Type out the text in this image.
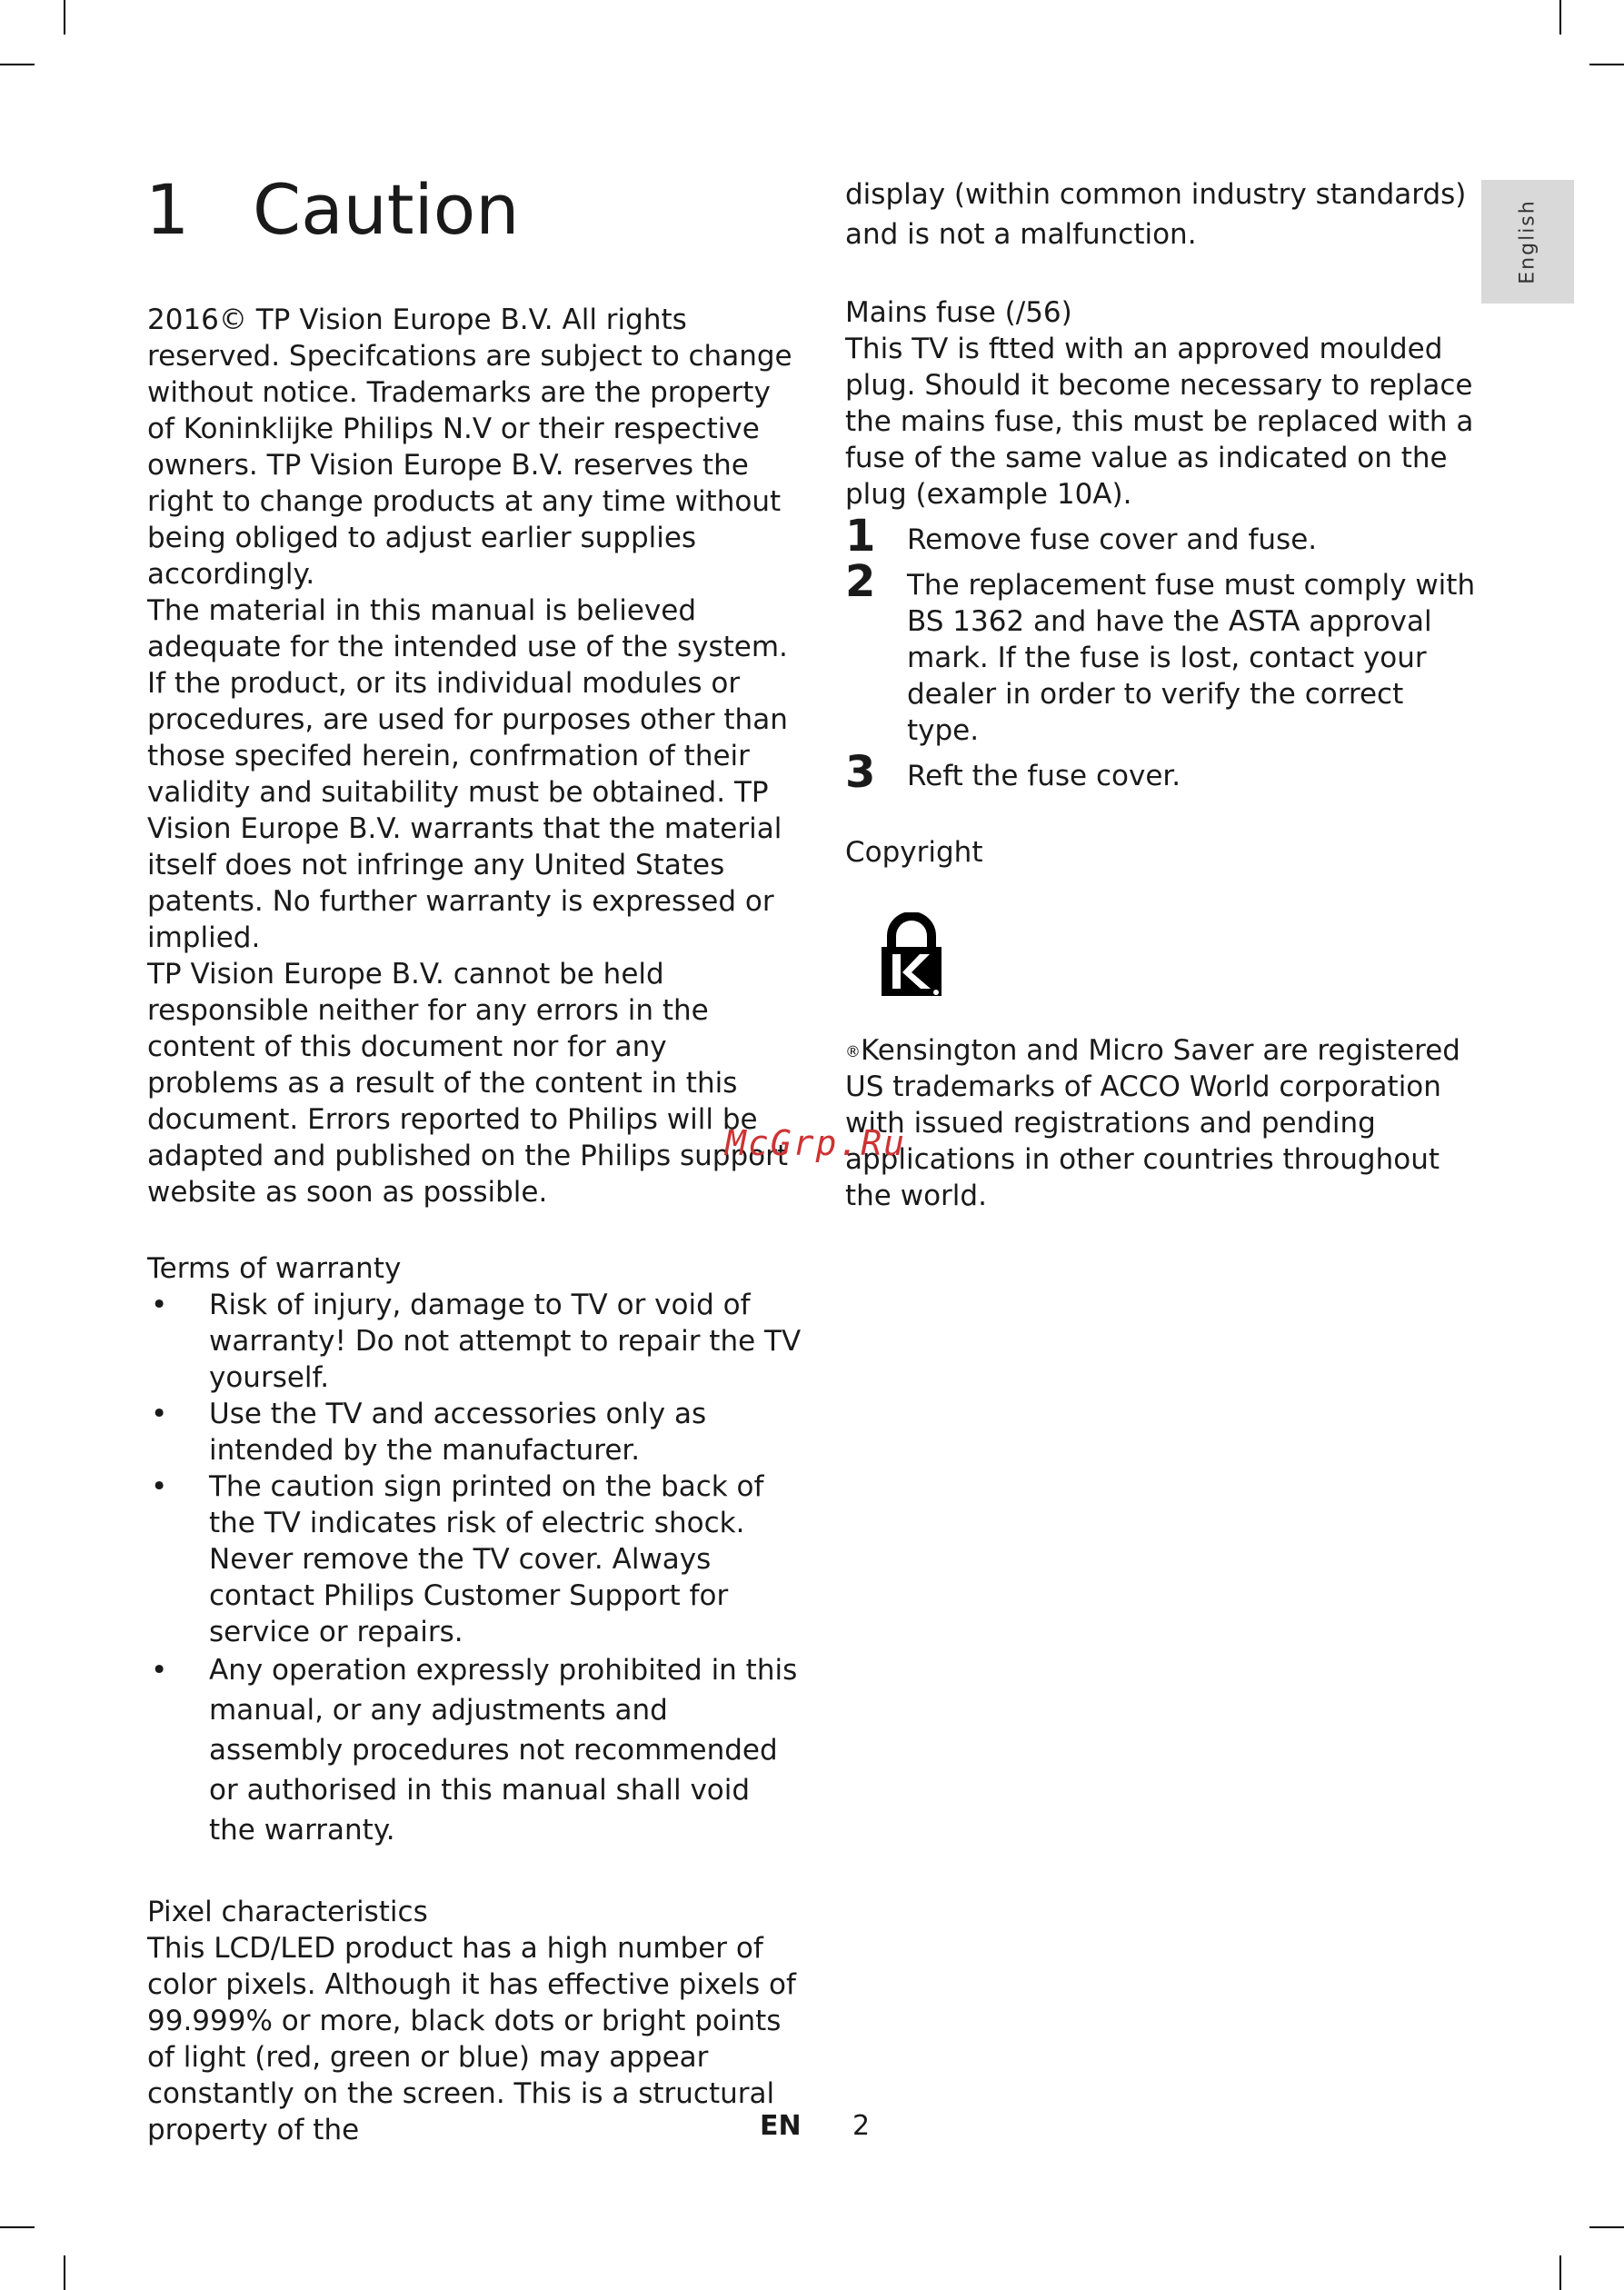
English
1 Caution

2016© TP Vision Europe B.V. All rights reserved. Specifcations are subject to change without notice. Trademarks are the property of Koninklijke Philips N.V or their respective owners. TP Vision Europe B.V. reserves the right to change products at any time without being obliged to adjust earlier supplies accordingly.

The material in this manual is believed adequate for the intended use of the system. If the product, or its individual modules or procedures, are used for purposes other than those specifed herein, confrmation of their validity and suitability must be obtained. TP Vision Europe B.V. warrants that the material itself does not infringe any United States patents. No further warranty is expressed or implied.

TP Vision Europe B.V. cannot be held responsible neither for any errors in the content of this document nor for any problems as a result of the content in this document. Errors reported to Philips will be adapted and published on the Philips support website as soon as possible.

Terms of warranty
• Risk of injury, damage to TV or void of warranty! Do not attempt to repair the TV yourself.
• Use the TV and accessories only as intended by the manufacturer.
• The caution sign printed on the back of the TV indicates risk of electric shock. Never remove the TV cover. Always contact Philips Customer Support for service or repairs.
• Any operation expressly prohibited in this manual, or any adjustments and assembly procedures not recommended or authorised in this manual shall void the warranty.
Pixel characteristics

This LCD/LED product has a high number of color pixels. Although it has effective pixels of 99.999% or more, black dots or bright points of light (red, green or blue) may appear constantly on the screen. This is a structural property of the

display (within common industry standards) and is not a malfunction.

Mains fuse (/56)

This TV is ftted with an approved moulded plug. Should it become necessary to replace the mains fuse, this must be replaced with a fuse of the same value as indicated on the plug (example 10A).

1 Remove fuse cover and fuse.
2 The replacement fuse must comply with BS 1362 and have the ASTA approval mark. If the fuse is lost, contact your dealer in order to verify the correct type.
3 Reft the fuse cover.
Copyright

®Kensington and Micro Saver are registered US trademarks of ACCO World corporation with issued registrations and pending applications in other countries throughout the world.

McGrp.Ru
EN 2
